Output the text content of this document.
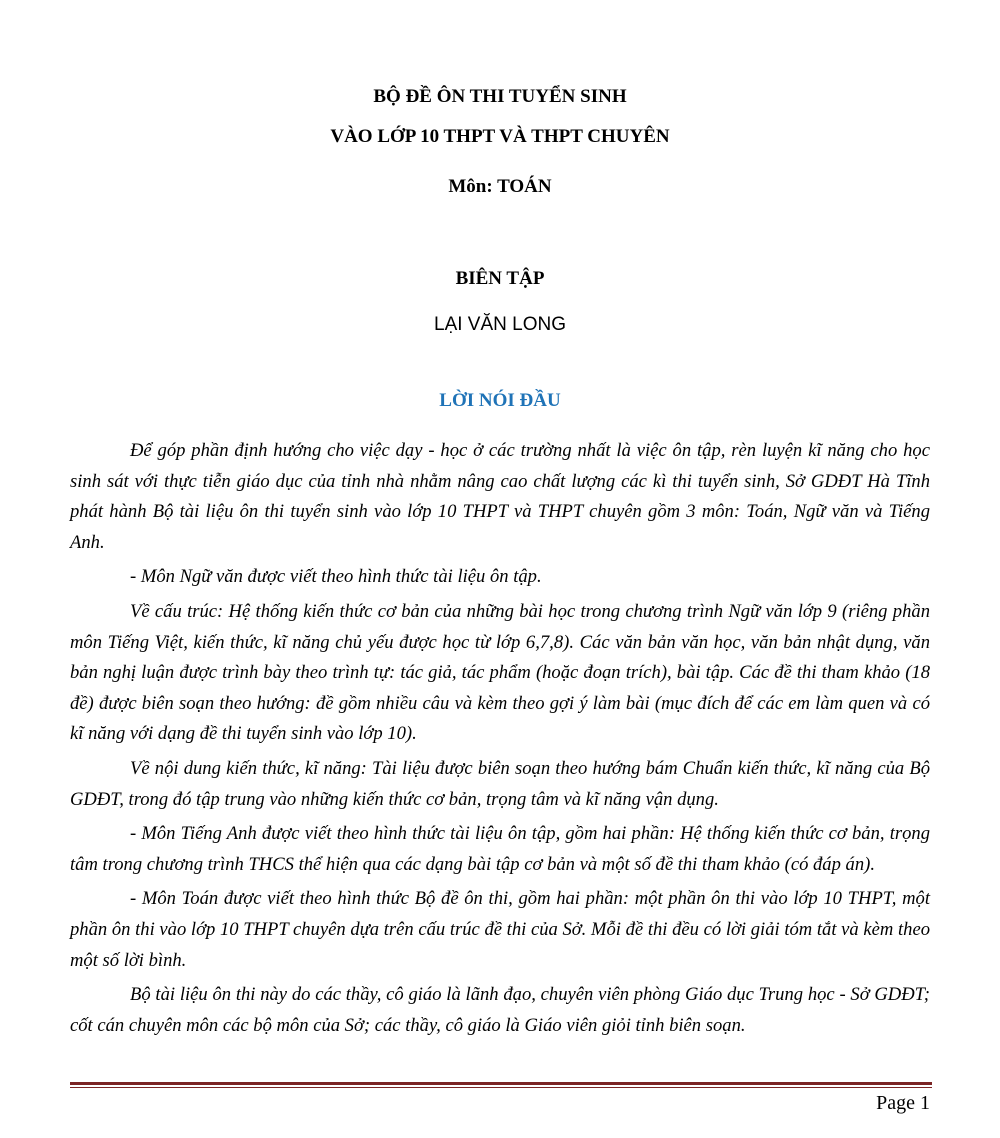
BỘ ĐỀ ÔN THI TUYỂN SINH
VÀO LỚP 10 THPT VÀ THPT CHUYÊN
Môn: TOÁN
BIÊN TẬP
LẠI VĂN LONG
LỜI NÓI ĐẦU

Để góp phần định hướng cho việc dạy - học ở các trường nhất là việc ôn tập, rèn luyện kĩ năng cho học sinh sát với thực tiễn giáo dục của tỉnh nhà nhằm nâng cao chất lượng các kì thi tuyển sinh, Sở GDĐT Hà Tĩnh phát hành Bộ tài liệu ôn thi tuyển sinh vào lớp 10 THPT và THPT chuyên gồm 3 môn: Toán, Ngữ văn và Tiếng Anh.

- Môn Ngữ văn được viết theo hình thức tài liệu ôn tập.

Về cấu trúc: Hệ thống kiến thức cơ bản của những bài học trong chương trình Ngữ văn lớp 9 (riêng phần môn Tiếng Việt, kiến thức, kĩ năng chủ yếu được học từ lớp 6,7,8). Các văn bản văn học, văn bản nhật dụng, văn bản nghị luận được trình bày theo trình tự: tác giả, tác phẩm (hoặc đoạn trích), bài tập. Các đề thi tham khảo (18 đề) được biên soạn theo hướng: đề gồm nhiều câu và kèm theo gợi ý làm bài (mục đích để các em làm quen và có kĩ năng với dạng đề thi tuyển sinh vào lớp 10).

Về nội dung kiến thức, kĩ năng: Tài liệu được biên soạn theo hướng bám Chuẩn kiến thức, kĩ năng của Bộ GDĐT, trong đó tập trung vào những kiến thức cơ bản, trọng tâm và kĩ năng vận dụng.

- Môn Tiếng Anh được viết theo hình thức tài liệu ôn tập, gồm hai phần: Hệ thống kiến thức cơ bản, trọng tâm trong chương trình THCS thể hiện qua các dạng bài tập cơ bản và một số đề thi tham khảo (có đáp án).

- Môn Toán được viết theo hình thức Bộ đề ôn thi, gồm hai phần: một phần ôn thi vào lớp 10 THPT, một phần ôn thi vào lớp 10 THPT chuyên dựa trên cấu trúc đề thi của Sở. Mỗi đề thi đều có lời giải tóm tắt và kèm theo một số lời bình.

Bộ tài liệu ôn thi này do các thầy, cô giáo là lãnh đạo, chuyên viên phòng Giáo dục Trung học - Sở GDĐT; cốt cán chuyên môn các bộ môn của Sở; các thầy, cô giáo là Giáo viên giỏi tỉnh biên soạn.

Page 1
